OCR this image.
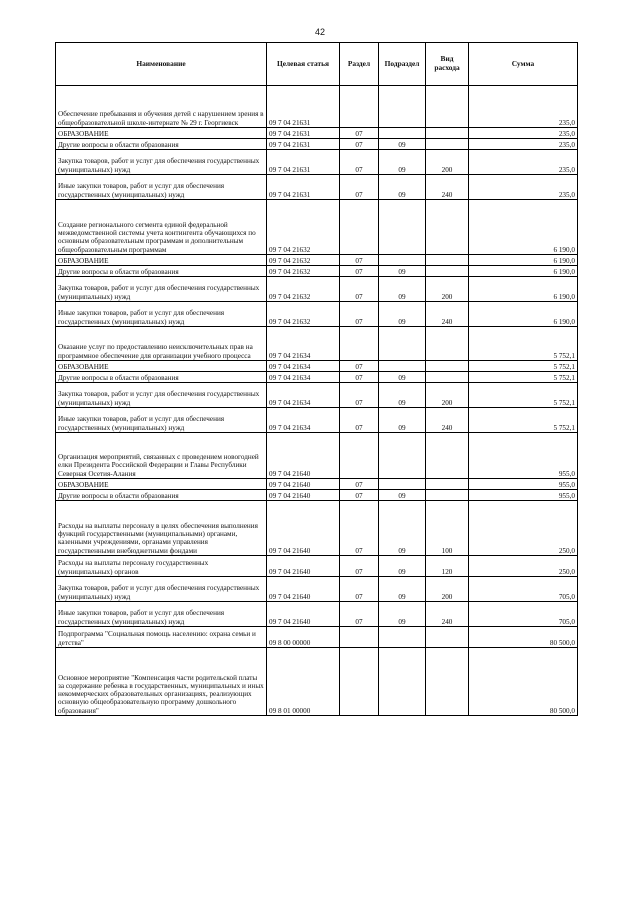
42
Наименование	Целевая статья	Раздел	Подраздел	Вид расхода	Сумма
Обеспечение пребывания и обучения детей с нарушением зрения в общеобразовательной школе-интернате № 29 г. Георгиевск	09 7 04 21631				235,0
ОБРАЗОВАНИЕ	09 7 04 21631	07			235,0
Другие вопросы в области образования	09 7 04 21631	07	09		235,0
Закупка товаров, работ и услуг для обеспечения государственных (муниципальных) нужд	09 7 04 21631	07	09	200	235,0
Иные закупки товаров, работ и услуг для обеспечения государственных (муниципальных) нужд	09 7 04 21631	07	09	240	235,0
Создание регионального сегмента единой федеральной межведомственной системы учета контингента обучающихся по основным образовательным программам и дополнительным общеобразовательным программам	09 7 04 21632				6 190,0
ОБРАЗОВАНИЕ	09 7 04 21632	07			6 190,0
Другие вопросы в области образования	09 7 04 21632	07	09		6 190,0
Закупка товаров, работ и услуг для обеспечения государственных (муниципальных) нужд	09 7 04 21632	07	09	200	6 190,0
Иные закупки товаров, работ и услуг для обеспечения государственных (муниципальных) нужд	09 7 04 21632	07	09	240	6 190,0
Оказание услуг по предоставлению неисключительных прав на программное обеспечение для организации учебного процесса	09 7 04 21634				5 752,1
ОБРАЗОВАНИЕ	09 7 04 21634	07			5 752,1
Другие вопросы в области образования	09 7 04 21634	07	09		5 752,1
Закупка товаров, работ и услуг для обеспечения государственных (муниципальных) нужд	09 7 04 21634	07	09	200	5 752,1
Иные закупки товаров, работ и услуг для обеспечения государственных (муниципальных) нужд	09 7 04 21634	07	09	240	5 752,1
Организация мероприятий, связанных с проведением новогодней елки Президента Российской Федерации и Главы Республики Северная Осетия-Алания	09 7 04 21640				955,0
ОБРАЗОВАНИЕ	09 7 04 21640	07			955,0
Другие вопросы в области образования	09 7 04 21640	07	09		955,0
Расходы на выплаты персоналу в целях обеспечения выполнения функций государственными (муниципальными) органами, казенными учреждениями, органами управления государственными внебюджетными фондами	09 7 04 21640	07	09	100	250,0
Расходы на выплаты персоналу государственных (муниципальных) органов	09 7 04 21640	07	09	120	250,0
Закупка товаров, работ и услуг для обеспечения государственных (муниципальных) нужд	09 7 04 21640	07	09	200	705,0
Иные закупки товаров, работ и услуг для обеспечения государственных (муниципальных) нужд	09 7 04 21640	07	09	240	705,0
Подпрограмма "Социальная помощь населению: охрана семьи и детства"	09 8 00 00000				80 500,0
Основное мероприятие "Компенсация части родительской платы за содержание ребенка в государственных, муниципальных и иных некоммерческих образовательных организациях, реализующих основную общеобразовательную программу дошкольного образования"	09 8 01 00000				80 500,0
